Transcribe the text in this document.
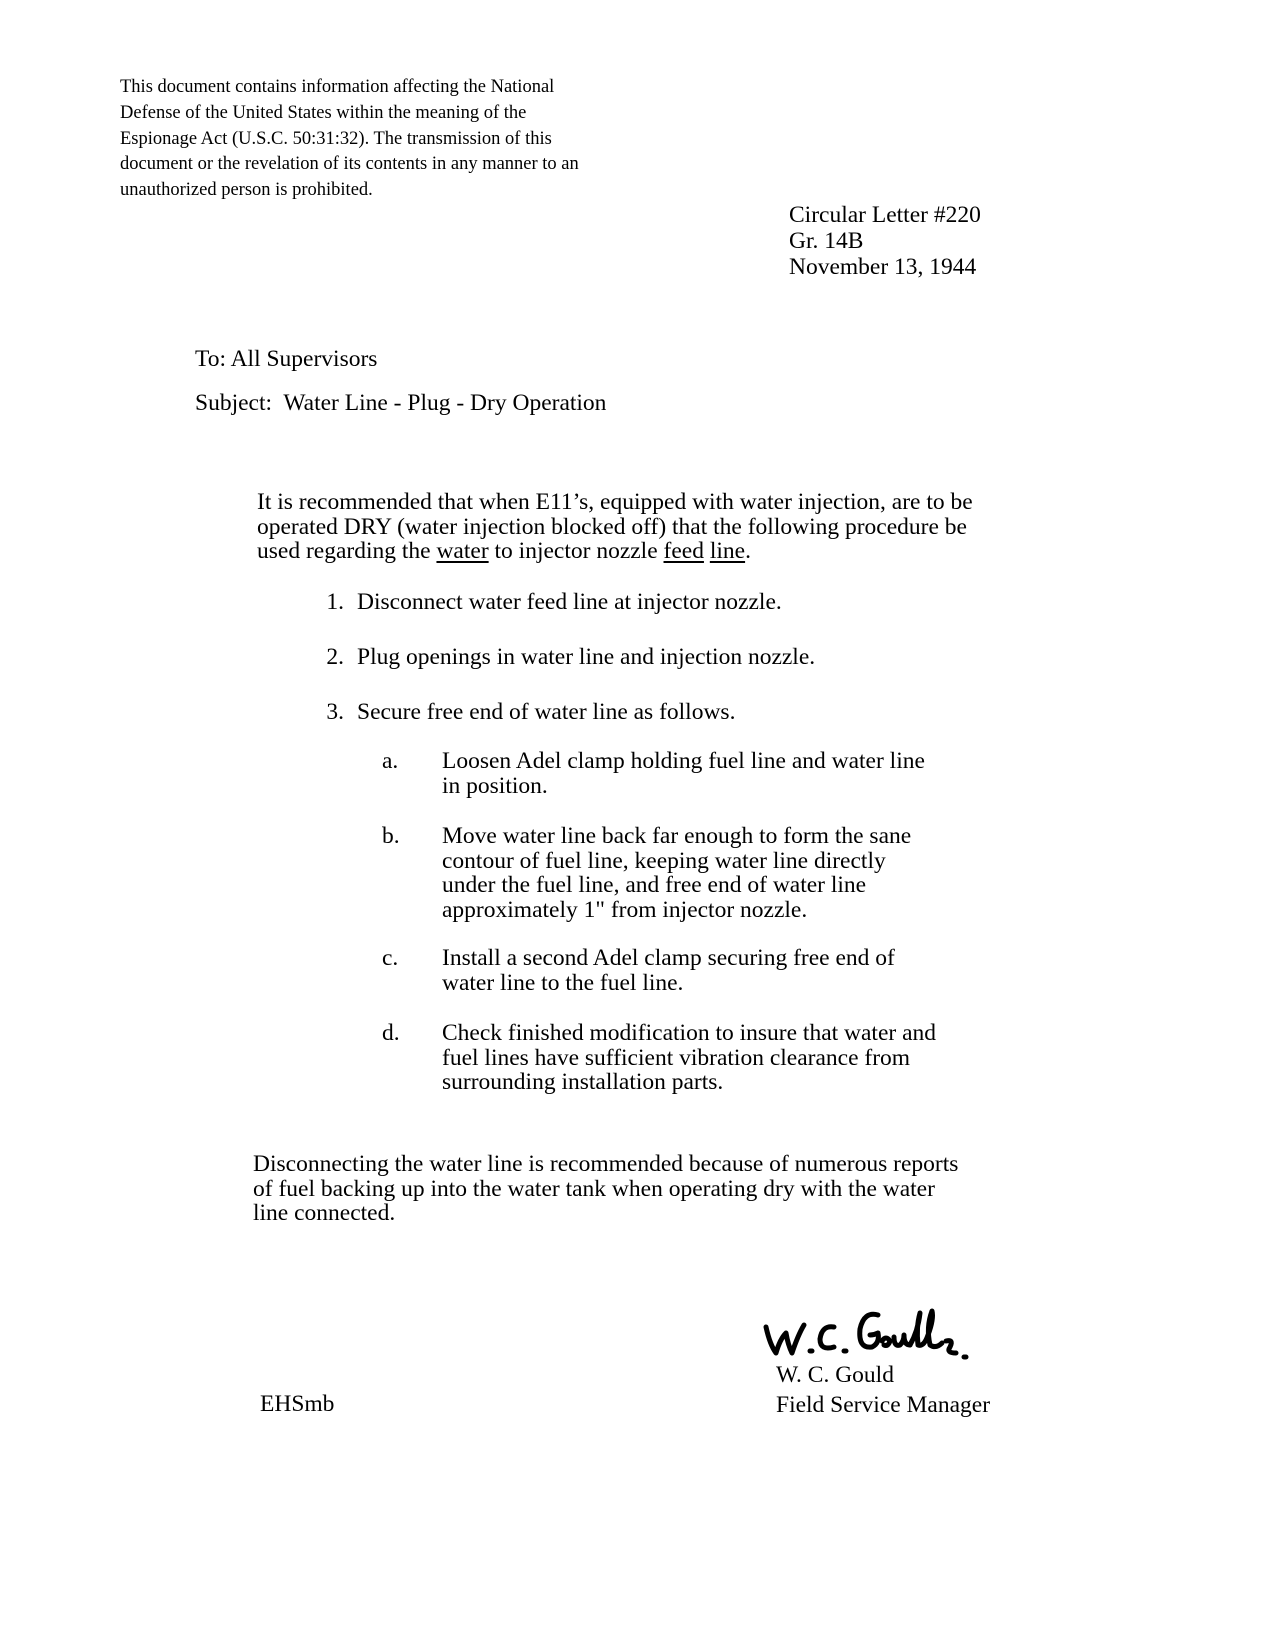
This document contains information affecting the National
Defense of the United States within the meaning of the
Espionage Act (U.S.C. 50:31:32). The transmission of this
document or the revelation of its contents in any manner to an
unauthorized person is prohibited.
Circular Letter #220
Gr. 14B
November 13, 1944
To: All Supervisors
Subject:  Water Line - Plug - Dry Operation
It is recommended that when E11’s, equipped with water injection, are to be
operated DRY (water injection blocked off) that the following procedure be
used regarding the water to injector nozzle feed line.
1. Disconnect water feed line at injector nozzle.
2. Plug openings in water line and injection nozzle.
3. Secure free end of water line as follows.
a. Loosen Adel clamp holding fuel line and water line
in position.
b. Move water line back far enough to form the sane
contour of fuel line, keeping water line directly
under the fuel line, and free end of water line
approximately 1" from injector nozzle.
c. Install a second Adel clamp securing free end of
water line to the fuel line.
d. Check finished modification to insure that water and
fuel lines have sufficient vibration clearance from
surrounding installation parts.
Disconnecting the water line is recommended because of numerous reports
of fuel backing up into the water tank when operating dry with the water
line connected.
W. C. Gould
Field Service Manager
EHSmb
